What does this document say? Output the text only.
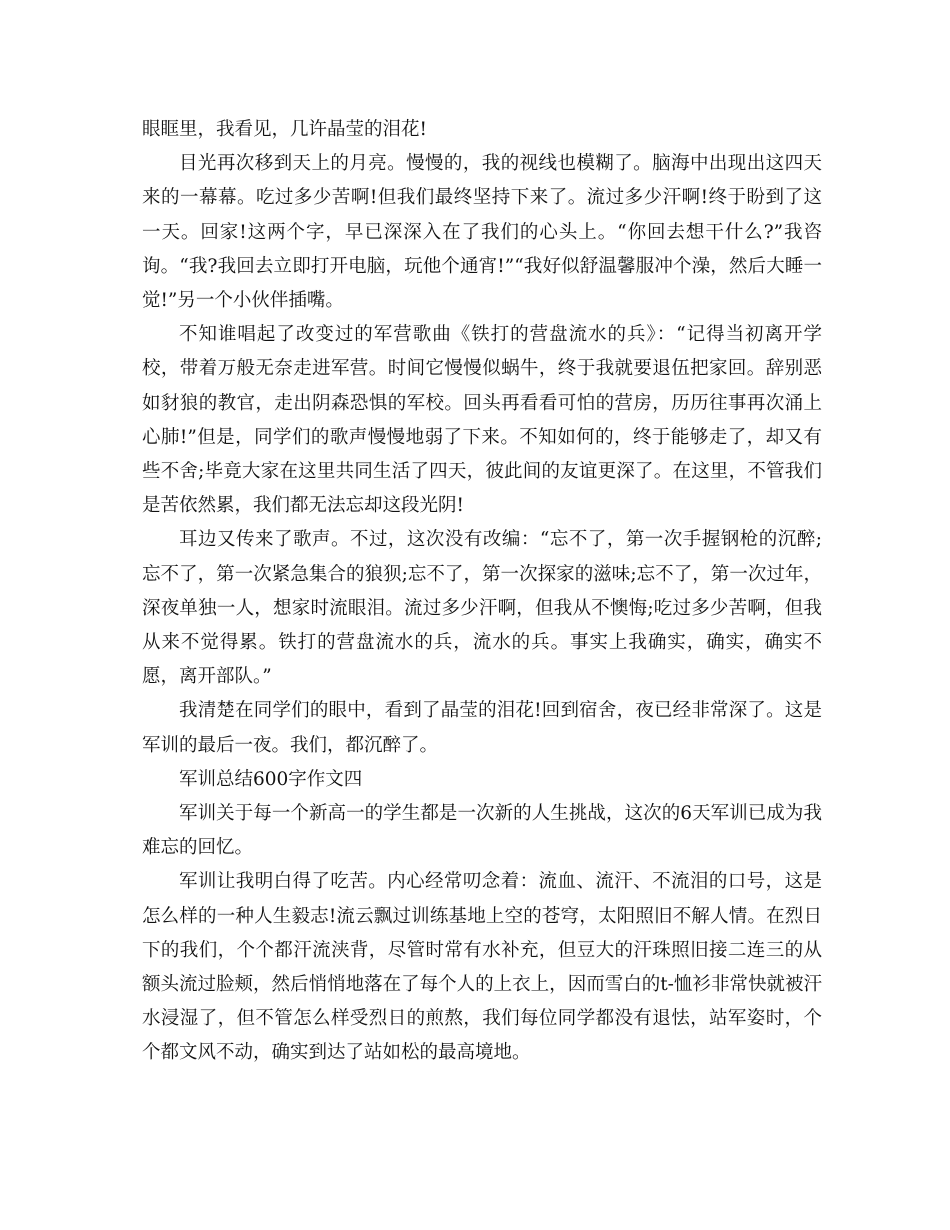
眼眶里，我看见，几许晶莹的泪花!

目光再次移到天上的月亮。慢慢的，我的视线也模糊了。脑海中出现出这四天来的一幕幕。吃过多少苦啊!但我们最终坚持下来了。流过多少汗啊!终于盼到了这一天。回家!这两个字，早已深深入在了我们的心头上。“你回去想干什么?”我咨询。“我?我回去立即打开电脑，玩他个通宵!”“我好似舒温馨服冲个澡，然后大睡一觉!”另一个小伙伴插嘴。

不知谁唱起了改变过的军营歌曲《铁打的营盘流水的兵》：“记得当初离开学校，带着万般无奈走进军营。时间它慢慢似蜗牛，终于我就要退伍把家回。辞别恶如豺狼的教官，走出阴森恐惧的军校。回头再看看可怕的营房，历历往事再次涌上心肺!”但是，同学们的歌声慢慢地弱了下来。不知如何的，终于能够走了，却又有些不舍;毕竟大家在这里共同生活了四天，彼此间的友谊更深了。在这里，不管我们是苦依然累，我们都无法忘却这段光阴!

耳边又传来了歌声。不过，这次没有改编：“忘不了，第一次手握钢枪的沉醉;忘不了，第一次紧急集合的狼狈;忘不了，第一次探家的滋味;忘不了，第一次过年，深夜单独一人，想家时流眼泪。流过多少汗啊，但我从不懊悔;吃过多少苦啊，但我从来不觉得累。铁打的营盘流水的兵，流水的兵。事实上我确实，确实，确实不愿，离开部队。”

我清楚在同学们的眼中，看到了晶莹的泪花!回到宿舍，夜已经非常深了。这是军训的最后一夜。我们，都沉醉了。

军训总结600字作文四

军训关于每一个新高一的学生都是一次新的人生挑战，这次的6天军训已成为我难忘的回忆。

军训让我明白得了吃苦。内心经常叨念着：流血、流汗、不流泪的口号，这是怎么样的一种人生毅志!流云飘过训练基地上空的苍穹，太阳照旧不解人情。在烈日下的我们，个个都汗流浃背，尽管时常有水补充，但豆大的汗珠照旧接二连三的从额头流过脸颊，然后悄悄地落在了每个人的上衣上，因而雪白的t-恤衫非常快就被汗水浸湿了，但不管怎么样受烈日的煎熬，我们每位同学都没有退怯，站军姿时，个个都文风不动，确实到达了站如松的最高境地。
